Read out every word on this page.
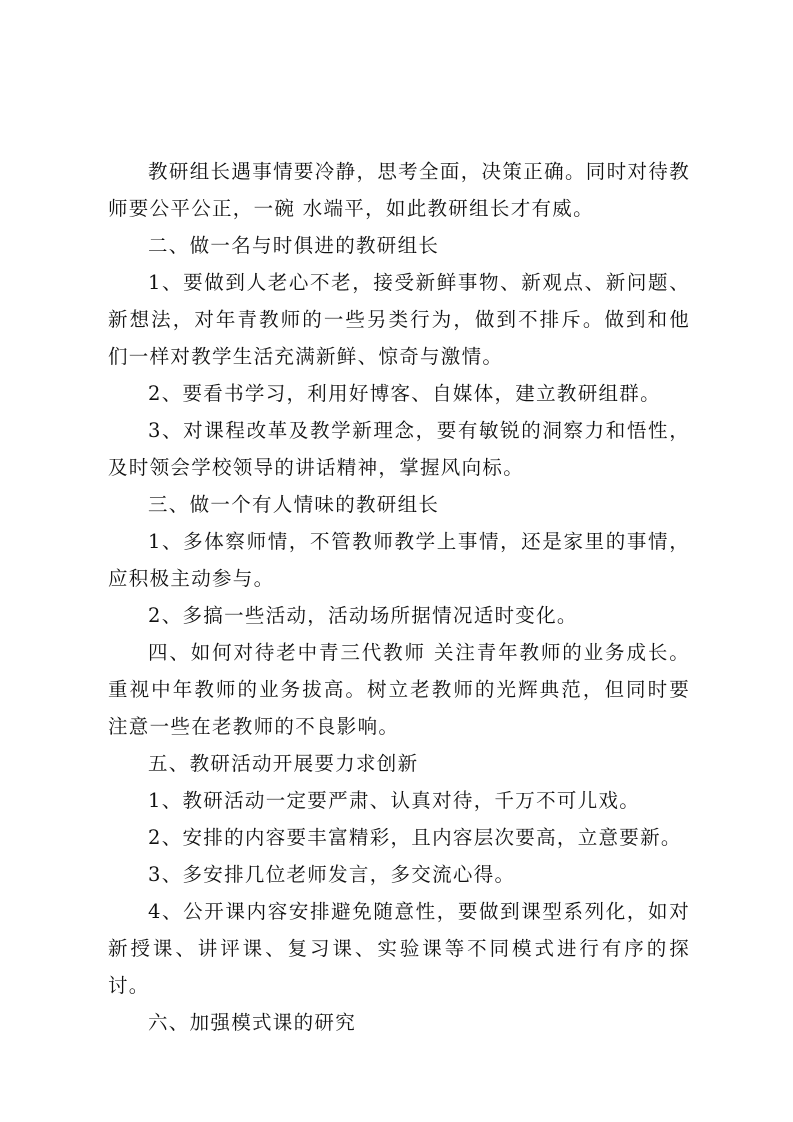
教研组长遇事情要冷静，思考全面，决策正确。同时对待教师要公平公正，一碗 水端平，如此教研组长才有威。

二、做一名与时俱进的教研组长

1、要做到人老心不老，接受新鲜事物、新观点、新问题、新想法，对年青教师的一些另类行为，做到不排斥。做到和他们一样对教学生活充满新鲜、惊奇与激情。

2、要看书学习，利用好博客、自媒体，建立教研组群。

3、对课程改革及教学新理念，要有敏锐的洞察力和悟性，及时领会学校领导的讲话精神，掌握风向标。

三、做一个有人情味的教研组长

1、多体察师情，不管教师教学上事情，还是家里的事情，应积极主动参与。

2、多搞一些活动，活动场所据情况适时变化。

四、如何对待老中青三代教师 关注青年教师的业务成长。重视中年教师的业务拔高。树立老教师的光辉典范，但同时要注意一些在老教师的不良影响。

五、教研活动开展要力求创新

1、教研活动一定要严肃、认真对待，千万不可儿戏。

2、安排的内容要丰富精彩，且内容层次要高，立意要新。

3、多安排几位老师发言，多交流心得。

4、公开课内容安排避免随意性，要做到课型系列化，如对新授课、讲评课、复习课、实验课等不同模式进行有序的探讨。

六、加强模式课的研究
